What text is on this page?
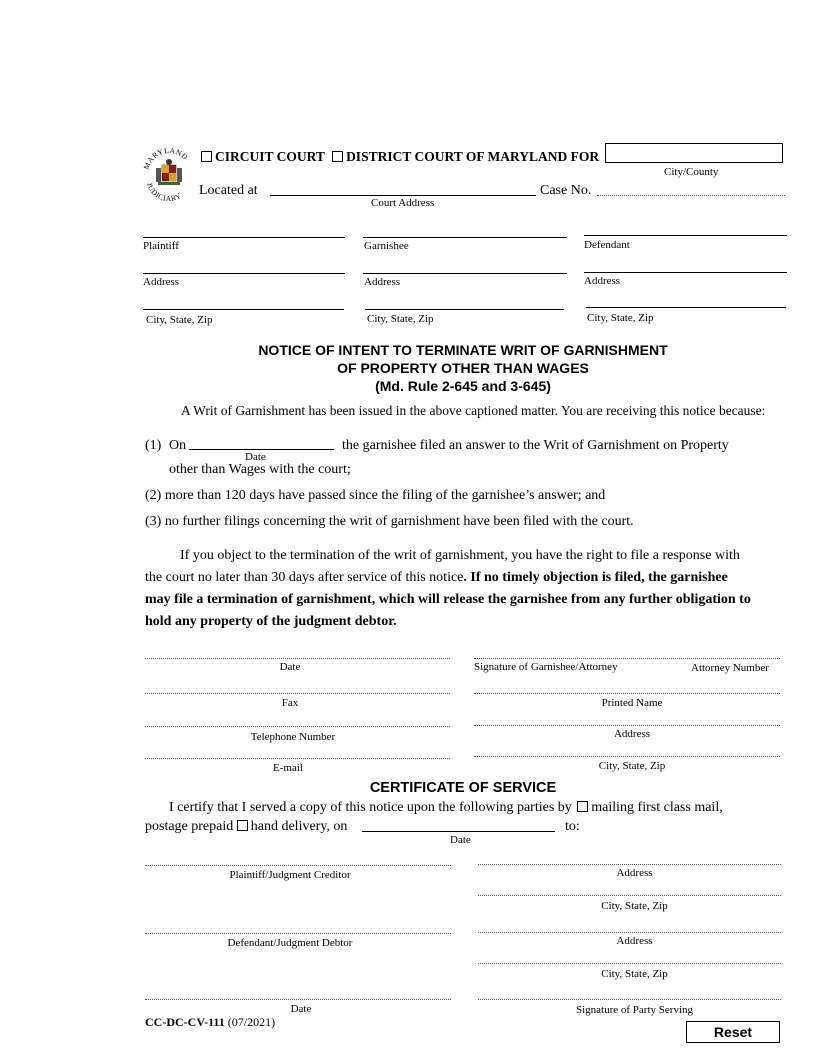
MARYLAND
JUDICIARY
CIRCUIT COURT DISTRICT COURT OF MARYLAND FOR
City/County
Located at
Court Address
Case No.
Plaintiff	Garnishee	Defendant
Address	Address	Address
City, State, Zip	City, State, Zip	City, State, Zip
NOTICE OF INTENT TO TERMINATE WRIT OF GARNISHMENT
OF PROPERTY OTHER THAN WAGES
(Md. Rule 2-645 and 3-645)
A Writ of Garnishment has been issued in the above captioned matter. You are receiving this notice because:
(1) On
Date
the garnishee filed an answer to the Writ of Garnishment on Property
other than Wages with the court;
(2) more than 120 days have passed since the filing of the garnishee’s answer; and
(3) no further filings concerning the writ of garnishment have been filed with the court.
If you object to the termination of the writ of garnishment, you have the right to file a response with
the court no later than 30 days after service of this notice. If no timely objection is filed, the garnishee
may file a termination of garnishment, which will release the garnishee from any further obligation to
hold any property of the judgment debtor.
Date	Signature of Garnishee/Attorney	Attorney Number
Fax	Printed Name
Telephone Number	Address
E-mail	City, State, Zip
CERTIFICATE OF SERVICE
I certify that I served a copy of this notice upon the following parties by mailing first class mail,
postage prepaid hand delivery, on
Date
to:
Plaintiff/Judgment Creditor	Address
City, State, Zip
Defendant/Judgment Debtor	Address
City, State, Zip
Date	Signature of Party Serving
CC-DC-CV-111 (07/2021)
Reset
